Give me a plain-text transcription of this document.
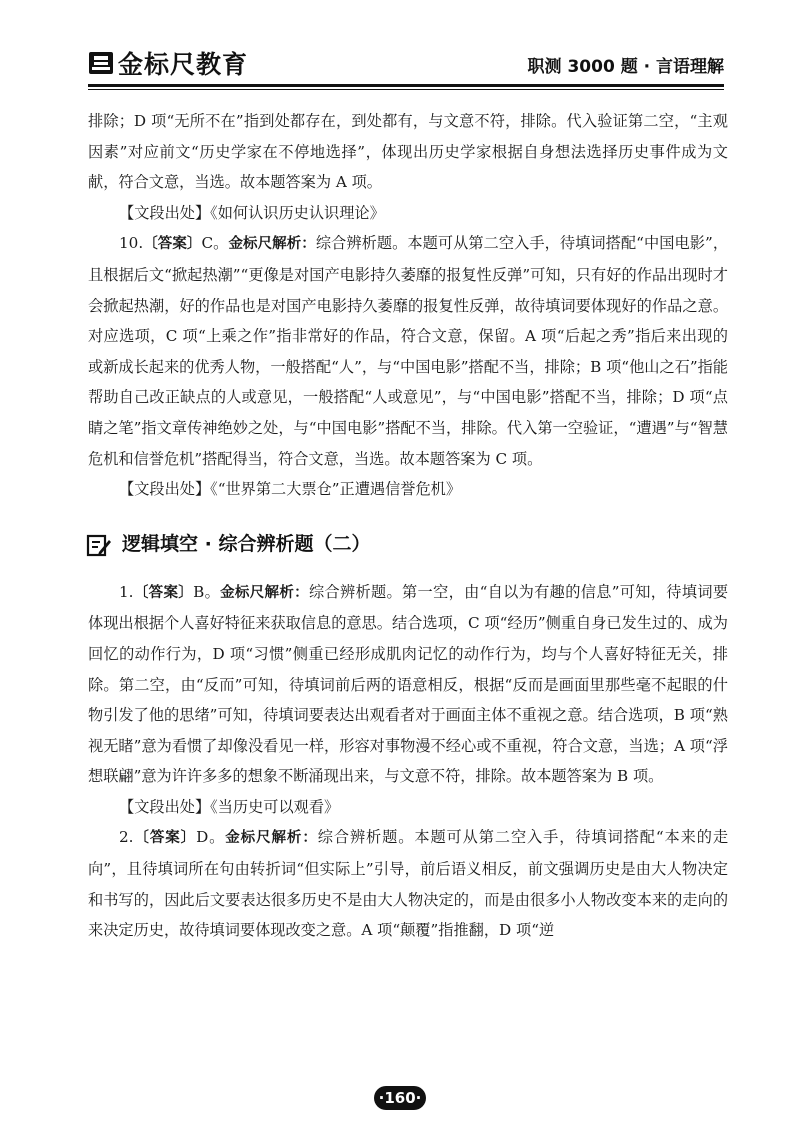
金标尺教育	职测 3000 题 · 言语理解

排除；D 项“无所不在”指到处都存在，到处都有，与文意不符，排除。代入验证第二空，“主观因素”对应前文“历史学家在不停地选择”，体现出历史学家根据自身想法选择历史事件成为文献，符合文意，当选。故本题答案为 A 项。

【文段出处】《如何认识历史认识理论》

10.〔答案〕C。金标尺解析：综合辨析题。本题可从第二空入手，待填词搭配“中国电影”，且根据后文“掀起热潮”“更像是对国产电影持久萎靡的报复性反弹”可知，只有好的作品出现时才会掀起热潮，好的作品也是对国产电影持久萎靡的报复性反弹，故待填词要体现好的作品之意。对应选项，C 项“上乘之作”指非常好的作品，符合文意，保留。A 项“后起之秀”指后来出现的或新成长起来的优秀人物，一般搭配“人”，与“中国电影”搭配不当，排除；B 项“他山之石”指能帮助自己改正缺点的人或意见，一般搭配“人或意见”，与“中国电影”搭配不当，排除；D 项“点睛之笔”指文章传神绝妙之处，与“中国电影”搭配不当，排除。代入第一空验证，“遭遇”与“智慧危机和信誉危机”搭配得当，符合文意，当选。故本题答案为 C 项。

【文段出处】《“世界第二大票仓”正遭遇信誉危机》

逻辑填空 · 综合辨析题（二）

1.〔答案〕B。金标尺解析：综合辨析题。第一空，由“自以为有趣的信息”可知，待填词要体现出根据个人喜好特征来获取信息的意思。结合选项，C 项“经历”侧重自身已发生过的、成为回忆的动作行为，D 项“习惯”侧重已经形成肌肉记忆的动作行为，均与个人喜好特征无关，排除。第二空，由“反而”可知，待填词前后两的语意相反，根据“反而是画面里那些毫不起眼的什物引发了他的思绪”可知，待填词要表达出观看者对于画面主体不重视之意。结合选项，B 项“熟视无睹”意为看惯了却像没看见一样，形容对事物漫不经心或不重视，符合文意，当选；A 项“浮想联翩”意为许许多多的想象不断涌现出来，与文意不符，排除。故本题答案为 B 项。

【文段出处】《当历史可以观看》

2.〔答案〕D。金标尺解析：综合辨析题。本题可从第二空入手，待填词搭配“本来的走向”，且待填词所在句由转折词“但实际上”引导，前后语义相反，前文强调历史是由大人物决定和书写的，因此后文要表达很多历史不是由大人物决定的，而是由很多小人物改变本来的走向的来决定历史，故待填词要体现改变之意。A 项“颠覆”指推翻，D 项“逆

·160·
